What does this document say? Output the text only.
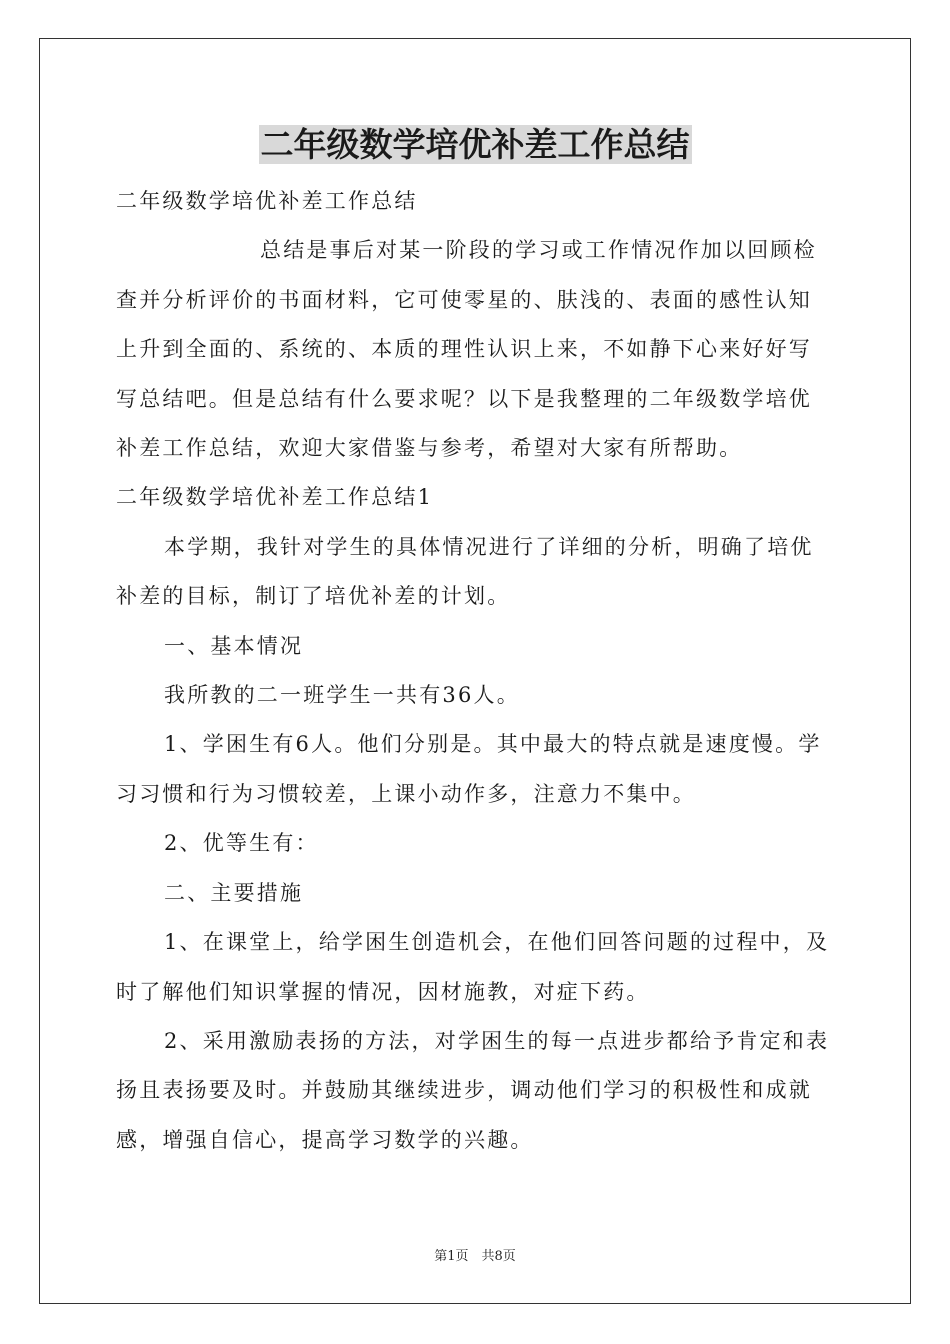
二年级数学培优补差工作总结

二年级数学培优补差工作总结

总结是事后对某一阶段的学习或工作情况作加以回顾检查并分析评价的书面材料，它可使零星的、肤浅的、表面的感性认知上升到全面的、系统的、本质的理性认识上来，不如静下心来好好写写总结吧。但是总结有什么要求呢？以下是我整理的二年级数学培优补差工作总结，欢迎大家借鉴与参考，希望对大家有所帮助。

二年级数学培优补差工作总结1

本学期，我针对学生的具体情况进行了详细的分析，明确了培优补差的目标，制订了培优补差的计划。

一、基本情况

我所教的二一班学生一共有36人。

1、学困生有6人。他们分别是。其中最大的特点就是速度慢。学习习惯和行为习惯较差，上课小动作多，注意力不集中。

2、优等生有：

二、主要措施

1、在课堂上，给学困生创造机会，在他们回答问题的过程中，及时了解他们知识掌握的情况，因材施教，对症下药。

2、采用激励表扬的方法，对学困生的每一点进步都给予肯定和表扬且表扬要及时。并鼓励其继续进步，调动他们学习的积极性和成就感，增强自信心，提高学习数学的兴趣。

第1页　共8页
